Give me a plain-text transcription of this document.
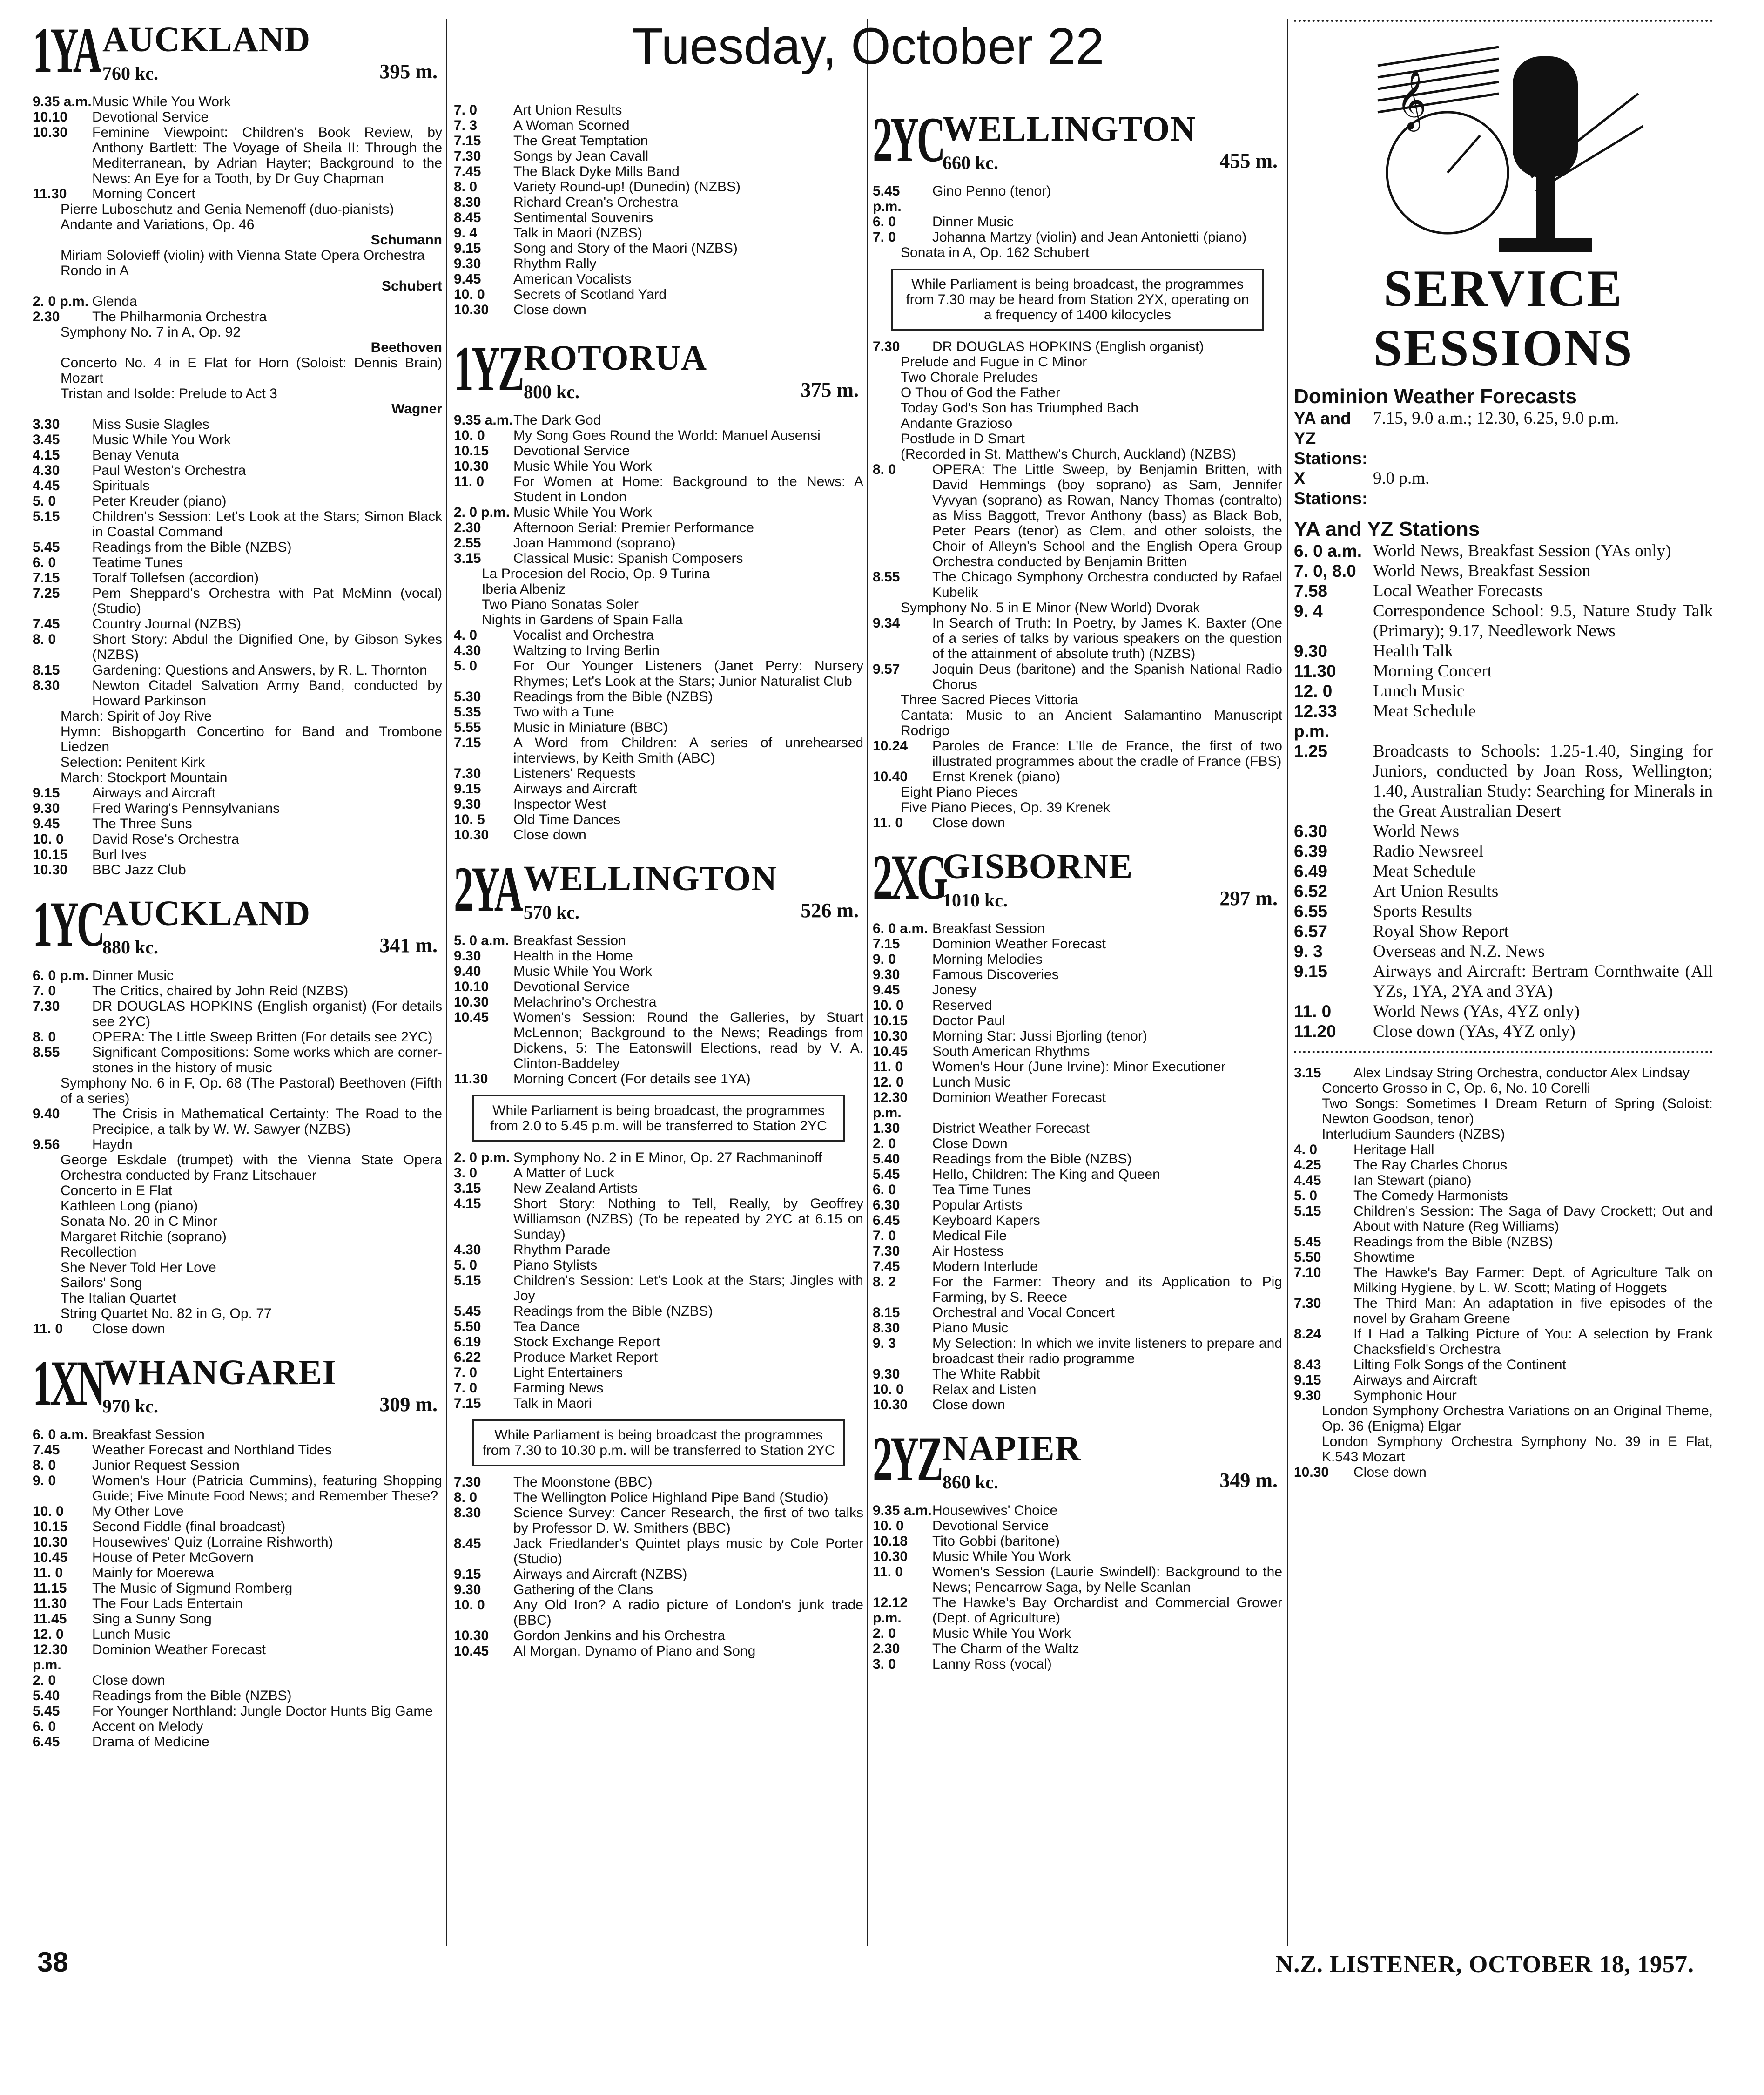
1YA AUCKLAND
760 kc.	395 m.
9.35 a.m. Music While You Work
10.10	Devotional Service
10.30	Feminine Viewpoint: Children's Book Review, by Anthony Bartlett: The Voyage of Sheila II: Through the Mediterranean, by Adrian Hayter; Background to the News: An Eye for a Tooth, by Dr Guy Chapman
11.30	Morning Concert
Pierre Luboschutz and Genia Nemenoff (duo-pianists)
Andante and Variations, Op. 46
Schumann
Miriam Solovieff (violin) with Vienna State Opera Orchestra
Rondo in A
Schubert
2. 0 p.m. Glenda
2.30	The Philharmonia Orchestra
Symphony No. 7 in A, Op. 92
Beethoven
Concerto No. 4 in E Flat for Horn (Soloist: Dennis Brain) Mozart
Tristan and Isolde: Prelude to Act 3
Wagner
3.30	Miss Susie Slagles
3.45	Music While You Work
4.15	Benay Venuta
4.30	Paul Weston's Orchestra
4.45	Spirituals
5. 0	Peter Kreuder (piano)
5.15	Children's Session: Let's Look at the Stars; Simon Black in Coastal Command
5.45	Readings from the Bible (NZBS)
6. 0	Teatime Tunes
7.15	Toralf Tollefsen (accordion)
7.25	Pem Sheppard's Orchestra with Pat McMinn (vocal) (Studio)
7.45	Country Journal (NZBS)
8. 0	Short Story: Abdul the Dignified One, by Gibson Sykes (NZBS)
8.15	Gardening: Questions and Answers, by R. L. Thornton
8.30	Newton Citadel Salvation Army Band, conducted by Howard Parkinson
March: Spirit of Joy Rive
Hymn: Bishopgarth Concertino for Band and Trombone Liedzen
Selection: Penitent Kirk
March: Stockport Mountain
9.15	Airways and Aircraft
9.30	Fred Waring's Pennsylvanians
9.45	The Three Suns
10. 0	David Rose's Orchestra
10.15	Burl Ives
10.30	BBC Jazz Club
1YC
AUCKLAND
880 kc.	341 m.
6. 0 p.m. Dinner Music
7. 0	The Critics, chaired by John Reid (NZBS)
7.30	DR DOUGLAS HOPKINS (English organist) (For details see 2YC)
8. 0	OPERA: The Little Sweep Britten (For details see 2YC)
8.55	Significant Compositions: Some works which are corner-stones in the history of music
Symphony No. 6 in F, Op. 68 (The Pastoral) Beethoven (Fifth of a series)
9.40	The Crisis in Mathematical Certainty: The Road to the Precipice, a talk by W. W. Sawyer (NZBS)
9.56	Haydn
George Eskdale (trumpet) with the Vienna State Opera Orchestra conducted by Franz Litschauer
Concerto in E Flat
Kathleen Long (piano)
Sonata No. 20 in C Minor
Margaret Ritchie (soprano)
Recollection
She Never Told Her Love
Sailors' Song
The Italian Quartet
String Quartet No. 82 in G, Op. 77
11. 0	Close down
1XN
WHANGAREI
970 kc.	309 m.
6. 0 a.m. Breakfast Session
7.45	Weather Forecast and Northland Tides
8. 0	Junior Request Session
9. 0	Women's Hour (Patricia Cummins), featuring Shopping Guide; Five Minute Food News; and Remember These?
10. 0	My Other Love
10.15	Second Fiddle (final broadcast)
10.30	Housewives' Quiz (Lorraine Rishworth)
10.45	House of Peter McGovern
11. 0	Mainly for Moerewa
11.15	The Music of Sigmund Romberg
11.30	The Four Lads Entertain
11.45	Sing a Sunny Song
12. 0	Lunch Music
12.30 p.m.
Dominion Weather Forecast
2. 0	Close down
5.40	Readings from the Bible (NZBS)
5.45	For Younger Northland: Jungle Doctor Hunts Big Game
6. 0	Accent on Melody
6.45	Drama of Medicine
7. 0	Art Union Results
7. 3	A Woman Scorned
7.15	The Great Temptation
7.30	Songs by Jean Cavall
7.45	The Black Dyke Mills Band
8. 0	Variety Round-up! (Dunedin) (NZBS)
8.30	Richard Crean's Orchestra
8.45	Sentimental Souvenirs
9. 4	Talk in Maori (NZBS)
9.15	Song and Story of the Maori (NZBS)
9.30	Rhythm Rally
9.45	American Vocalists
10. 0	Secrets of Scotland Yard
10.30	Close down
1YZ ROTORUA
800 kc.	375 m.
9.35 a.m. The Dark God
10. 0	My Song Goes Round the World: Manuel Ausensi
10.15	Devotional Service
10.30	Music While You Work
11. 0	For Women at Home: Background to the News: A Student in London
2. 0 p.m. Music While You Work
2.30	Afternoon Serial: Premier Performance
2.55	Joan Hammond (soprano)
3.15	Classical Music: Spanish Composers
La Procesion del Rocio, Op. 9 Turina
Iberia Albeniz
Two Piano Sonatas Soler
Nights in Gardens of Spain Falla
4. 0	Vocalist and Orchestra
4.30	Waltzing to Irving Berlin
5. 0	For Our Younger Listeners (Janet Perry: Nursery Rhymes; Let's Look at the Stars; Junior Naturalist Club
5.30	Readings from the Bible (NZBS)
5.35	Two with a Tune
5.55	Music in Miniature (BBC)
7.15	A Word from Children: A series of unrehearsed interviews, by Keith Smith (ABC)
7.30	Listeners' Requests
9.15	Airways and Aircraft
9.30	Inspector West
10. 5	Old Time Dances
10.30	Close down
2YA WELLINGTON
570 kc.	526 m.
5. 0 a.m. Breakfast Session
9.30	Health in the Home
9.40	Music While You Work
10.10	Devotional Service
10.30	Melachrino's Orchestra
10.45	Women's Session: Round the Galleries, by Stuart McLennon; Background to the News; Readings from Dickens, 5: The Eatonswill Elections, read by V. A. Clinton-Baddeley
11.30	Morning Concert (For details see 1YA)
While Parliament is being broadcast, the programmes from 2.0 to 5.45 p.m. will be transferred to Station 2YC
2. 0 p.m. Symphony No. 2 in E Minor, Op. 27 Rachmaninoff
3. 0	A Matter of Luck
3.15	New Zealand Artists
4.15	Short Story: Nothing to Tell, Really, by Geoffrey Williamson (NZBS) (To be repeated by 2YC at 6.15 on Sunday)
4.30	Rhythm Parade
5. 0	Piano Stylists
5.15	Children's Session: Let's Look at the Stars; Jingles with Joy
5.45	Readings from the Bible (NZBS)
5.50	Tea Dance
6.19	Stock Exchange Report
6.22	Produce Market Report
7. 0	Light Entertainers
7. 0	Farming News
7.15	Talk in Maori
While Parliament is being broadcast the programmes from 7.30 to 10.30 p.m. will be transferred to Station 2YC
7.30	The Moonstone (BBC)
8. 0	The Wellington Police Highland Pipe Band (Studio)
8.30	Science Survey: Cancer Research, the first of two talks by Professor D. W. Smithers (BBC)
8.45	Jack Friedlander's Quintet plays music by Cole Porter (Studio)
9.15	Airways and Aircraft (NZBS)
9.30	Gathering of the Clans
10. 0	Any Old Iron? A radio picture of London's junk trade (BBC)
10.30	Gordon Jenkins and his Orchestra
10.45	Al Morgan, Dynamo of Piano and Song
Tuesday, October 22
2YC
WELLINGTON
660 kc.	455 m.
5.45 p.m.
Gino Penno (tenor)
6. 0	Dinner Music
7. 0	Johanna Martzy (violin) and Jean Antonietti (piano)
Sonata in A, Op. 162 Schubert
While Parliament is being broadcast, the programmes from 7.30 may be heard from Station 2YX, operating on a frequency of 1400 kilocycles
7.30	DR DOUGLAS HOPKINS (English organist)
Prelude and Fugue in C Minor
Two Chorale Preludes
O Thou of God the Father
Today God's Son has Triumphed Bach
Andante Grazioso
Postlude in D Smart
(Recorded in St. Matthew's Church, Auckland) (NZBS)
8. 0	OPERA: The Little Sweep, by Benjamin Britten, with David Hemmings (boy soprano) as Sam, Jennifer Vyvyan (soprano) as Rowan, Nancy Thomas (contralto) as Miss Baggott, Trevor Anthony (bass) as Black Bob, Peter Pears (tenor) as Clem, and other soloists, the Choir of Alleyn's School and the English Opera Group Orchestra conducted by Benjamin Britten
8.55	The Chicago Symphony Orchestra conducted by Rafael Kubelik
Symphony No. 5 in E Minor (New World) Dvorak
9.34	In Search of Truth: In Poetry, by James K. Baxter (One of a series of talks by various speakers on the question of the attainment of absolute truth) (NZBS)
9.57	Joquin Deus (baritone) and the Spanish National Radio Chorus
Three Sacred Pieces Vittoria
Cantata: Music to an Ancient Salamantino Manuscript Rodrigo
10.24	Paroles de France: L'Ile de France, the first of two illustrated programmes about the cradle of France (FBS)
10.40	Ernst Krenek (piano)
Eight Piano Pieces
Five Piano Pieces, Op. 39 Krenek
11. 0	Close down
2XG
GISBORNE
1010 kc.	297 m.
6. 0 a.m. Breakfast Session
7.15	Dominion Weather Forecast
9. 0	Morning Melodies
9.30	Famous Discoveries
9.45	Jonesy
10. 0	Reserved
10.15	Doctor Paul
10.30	Morning Star: Jussi Bjorling (tenor)
10.45	South American Rhythms
11. 0	Women's Hour (June Irvine): Minor Executioner
12. 0	Lunch Music
12.30 p.m.
Dominion Weather Forecast
1.30	District Weather Forecast
2. 0	Close Down
5.40	Readings from the Bible (NZBS)
5.45	Hello, Children: The King and Queen
6. 0	Tea Time Tunes
6.30	Popular Artists
6.45	Keyboard Kapers
7. 0	Medical File
7.30	Air Hostess
7.45	Modern Interlude
8. 2	For the Farmer: Theory and its Application to Pig Farming, by S. Reece
8.15	Orchestral and Vocal Concert
8.30	Piano Music
9. 3	My Selection: In which we invite listeners to prepare and broadcast their radio programme
9.30	The White Rabbit
10. 0	Relax and Listen
10.30	Close down
2YZ NAPIER
860 kc.	349 m.
9.35 a.m. Housewives' Choice
10. 0	Devotional Service
10.18	Tito Gobbi (baritone)
10.30	Music While You Work
11. 0	Women's Session (Laurie Swindell): Background to the News; Pencarrow Saga, by Nelle Scanlan
12.12 p.m.
The Hawke's Bay Orchardist and Commercial Grower (Dept. of Agriculture)
2. 0	Music While You Work
2.30	The Charm of the Waltz
3. 0	Lanny Ross (vocal)
𝄞
SERVICE
SESSIONS
Dominion Weather Forecasts
YA and YZ Stations:
7.15, 9.0 a.m.; 12.30, 6.25, 9.0 p.m.
X Stations:
9.0 p.m.
YA and YZ Stations
6. 0 a.m. World News, Breakfast Session (YAs only)
7. 0, 8.0 World News, Breakfast Session
7.58	Local Weather Forecasts
9. 4	Correspondence School: 9.5, Nature Study Talk (Primary); 9.17, Needlework News
9.30	Health Talk
11.30	Morning Concert
12. 0	Lunch Music
12.33 p.m.
Meat Schedule
1.25	Broadcasts to Schools: 1.25-1.40, Singing for Juniors, conducted by Joan Ross, Wellington; 1.40, Australian Study: Searching for Minerals in the Great Australian Desert
6.30	World News
6.39	Radio Newsreel
6.49	Meat Schedule
6.52	Art Union Results
6.55	Sports Results
6.57	Royal Show Report
9. 3	Overseas and N.Z. News
9.15	Airways and Aircraft: Bertram Cornthwaite (All YZs, 1YA, 2YA and 3YA)
11. 0	World News (YAs, 4YZ only)
11.20	Close down (YAs, 4YZ only)
3.15	Alex Lindsay String Orchestra, conductor Alex Lindsay
Concerto Grosso in C, Op. 6, No. 10 Corelli
Two Songs: Sometimes I Dream Return of Spring (Soloist: Newton Goodson, tenor)
Interludium Saunders (NZBS)
4. 0	Heritage Hall
4.25	The Ray Charles Chorus
4.45	Ian Stewart (piano)
5. 0	The Comedy Harmonists
5.15	Children's Session: The Saga of Davy Crockett; Out and About with Nature (Reg Williams)
5.45	Readings from the Bible (NZBS)
5.50	Showtime
7.10	The Hawke's Bay Farmer: Dept. of Agriculture Talk on Milking Hygiene, by L. W. Scott; Mating of Hoggets
7.30	The Third Man: An adaptation in five episodes of the novel by Graham Greene
8.24	If I Had a Talking Picture of You: A selection by Frank Chacksfield's Orchestra
8.43	Lilting Folk Songs of the Continent
9.15	Airways and Aircraft
9.30	Symphonic Hour
London Symphony Orchestra Variations on an Original Theme, Op. 36 (Enigma) Elgar
London Symphony Orchestra Symphony No. 39 in E Flat, K.543 Mozart
10.30	Close down
38	N.Z. LISTENER, OCTOBER 18, 1957.
